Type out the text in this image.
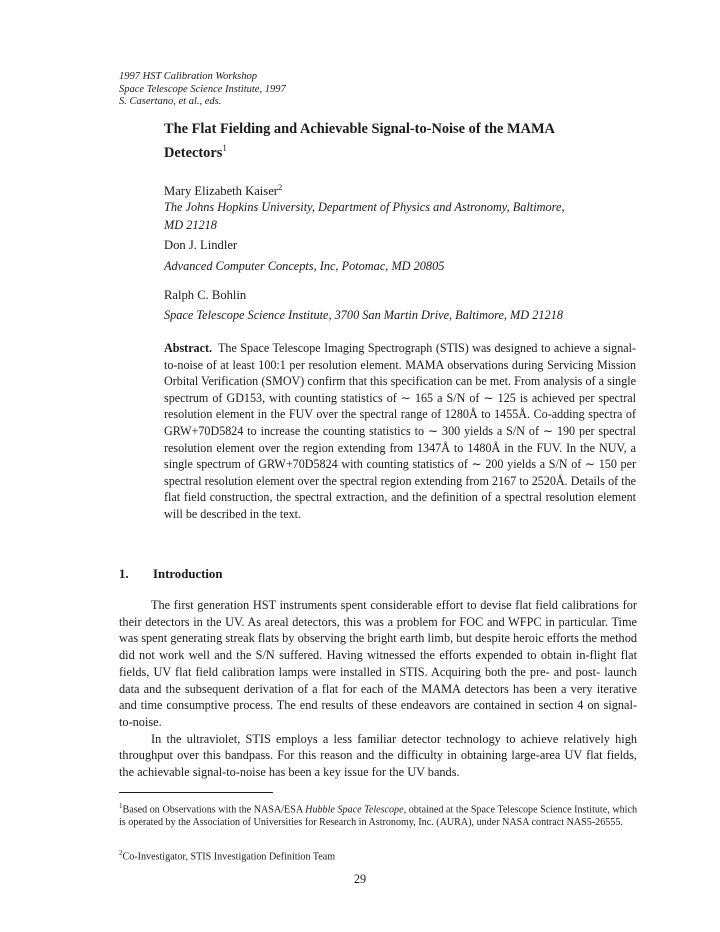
1997 HST Calibration Workshop
Space Telescope Science Institute, 1997
S. Casertano, et al., eds.
The Flat Fielding and Achievable Signal-to-Noise of the MAMA
Detectors$^1$
Mary Elizabeth Kaiser$^2$
The Johns Hopkins University, Department of Physics and Astronomy, Baltimore,
MD 21218
Don J. Lindler
Advanced Computer Concepts, Inc, Potomac, MD 20805
Ralph C. Bohlin
Space Telescope Science Institute, 3700 San Martin Drive, Baltimore, MD 21218
Abstract. The Space Telescope Imaging Spectrograph (STIS) was designed to achieve a signal-to-noise of at least 100:1 per resolution element. MAMA observations during Servicing Mission Orbital Verification (SMOV) confirm that this specification can be met. From analysis of a single spectrum of GD153, with counting statistics of ∼ 165 a S/N of ∼ 125 is achieved per spectral resolution element in the FUV over the spectral range of 1280Å to 1455Å. Co-adding spectra of GRW+70D5824 to increase the counting statistics to ∼ 300 yields a S/N of ∼ 190 per spectral resolution element over the region extending from 1347Å to 1480Å in the FUV. In the NUV, a single spectrum of GRW+70D5824 with counting statistics of ∼ 200 yields a S/N of ∼ 150 per spectral resolution element over the spectral region extending from 2167 to 2520Å. Details of the flat field construction, the spectral extraction, and the definition of a spectral resolution element will be described in the text.
1. Introduction

The first generation HST instruments spent considerable effort to devise flat field calibrations for their detectors in the UV. As areal detectors, this was a problem for FOC and WFPC in particular. Time was spent generating streak flats by observing the bright earth limb, but despite heroic efforts the method did not work well and the S/N suffered. Having witnessed the efforts expended to obtain in-flight flat fields, UV flat field calibration lamps were installed in STIS. Acquiring both the pre- and post- launch data and the subsequent derivation of a flat for each of the MAMA detectors has been a very iterative and time consumptive process. The end results of these endeavors are contained in section 4 on signal-to-noise.

In the ultraviolet, STIS employs a less familiar detector technology to achieve relatively high throughput over this bandpass. For this reason and the difficulty in obtaining large-area UV flat fields, the achievable signal-to-noise has been a key issue for the UV bands.

$^1$Based on Observations with the NASA/ESA Hubble Space Telescope, obtained at the Space Telescope Science Institute, which is operated by the Association of Universities for Research in Astronomy, Inc. (AURA), under NASA contract NAS5-26555.
$^2$Co-Investigator, STIS Investigation Definition Team
29
